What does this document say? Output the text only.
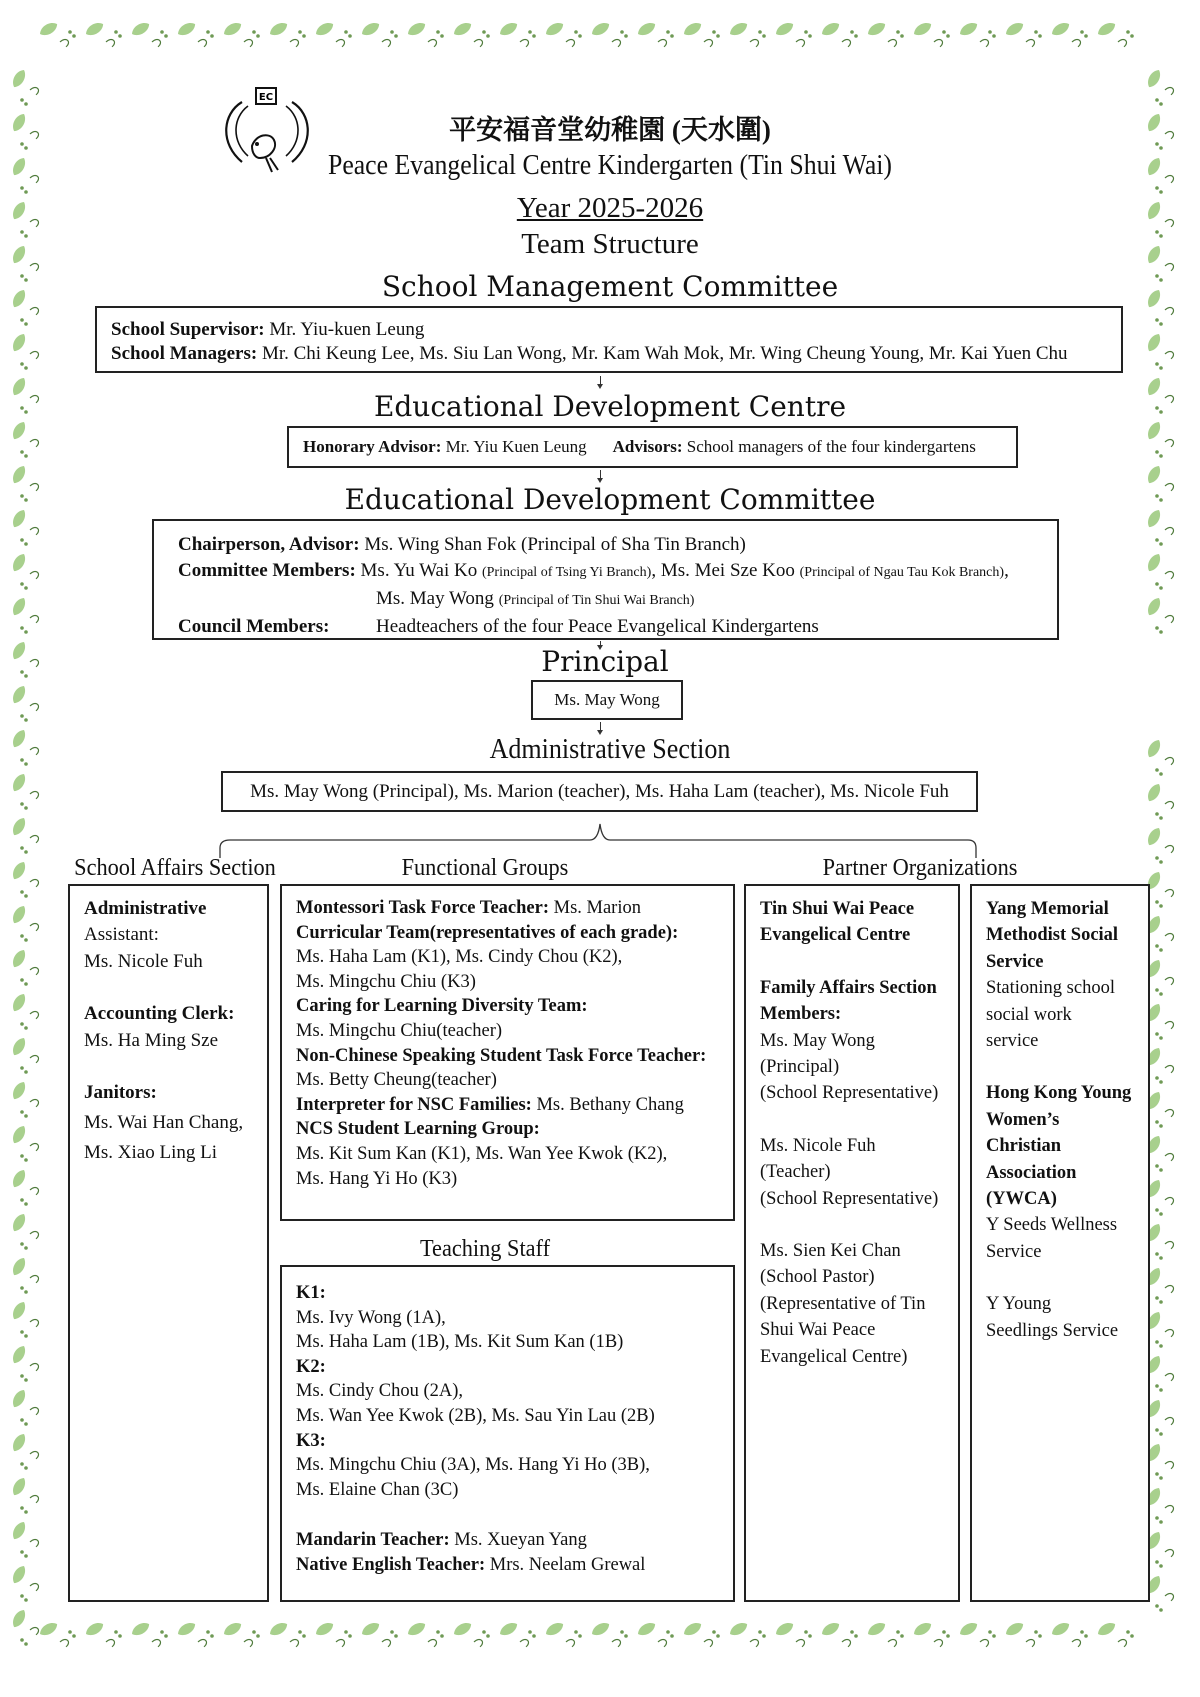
EC
平安福音堂幼稚園 (天水圍)
Peace Evangelical Centre Kindergarten (Tin Shui Wai)
Year 2025-2026
Team Structure
School Management Committee
School Supervisor: Mr. Yiu-kuen Leung
School Managers: Mr. Chi Keung Lee, Ms. Siu Lan Wong, Mr. Kam Wah Mok, Mr. Wing Cheung Young, Mr. Kai Yuen Chu
Educational Development Centre
Honorary Advisor: Mr. Yiu Kuen Leung Advisors: School managers of the four kindergartens
Educational Development Committee
Chairperson, Advisor: Ms. Wing Shan Fok (Principal of Sha Tin Branch)
Committee Members: Ms. Yu Wai Ko (Principal of Tsing Yi Branch), Ms. Mei Sze Koo (Principal of Ngau Tau Kok Branch),
Ms. May Wong (Principal of Tin Shui Wai Branch)
Council Members:	Headteachers of the four Peace Evangelical Kindergartens
Principal
Ms. May Wong
Administrative Section
Ms. May Wong (Principal), Ms. Marion (teacher), Ms. Haha Lam (teacher), Ms. Nicole Fuh
School Affairs Section	Functional Groups	Partner Organizations
Teaching Staff

Administrative

Assistant:

Ms. Nicole Fuh

Accounting Clerk:

Ms. Ha Ming Sze

Janitors:

Ms. Wai Han Chang,

Ms. Xiao Ling Li

Montessori Task Force Teacher: Ms. Marion

Curricular Team(representatives of each grade):

Ms. Haha Lam (K1), Ms. Cindy Chou (K2),

Ms. Mingchu Chiu (K3)

Caring for Learning Diversity Team:

Ms. Mingchu Chiu(teacher)

Non-Chinese Speaking Student Task Force Teacher:

Ms. Betty Cheung(teacher)

Interpreter for NSC Families: Ms. Bethany Chang

NCS Student Learning Group:

Ms. Kit Sum Kan (K1), Ms. Wan Yee Kwok (K2),

Ms. Hang Yi Ho (K3)

K1:

Ms. Ivy Wong (1A),

Ms. Haha Lam (1B), Ms. Kit Sum Kan (1B)

K2:

Ms. Cindy Chou (2A),

Ms. Wan Yee Kwok (2B), Ms. Sau Yin Lau (2B)

K3:

Ms. Mingchu Chiu (3A), Ms. Hang Yi Ho (3B),

Ms. Elaine Chan (3C)

Mandarin Teacher: Ms. Xueyan Yang

Native English Teacher: Mrs. Neelam Grewal

Tin Shui Wai Peace

Evangelical Centre

Family Affairs Section

Members:

Ms. May Wong

(Principal)

(School Representative)

Ms. Nicole Fuh

(Teacher)

(School Representative)

Ms. Sien Kei Chan

(School Pastor)

(Representative of Tin

Shui Wai Peace

Evangelical Centre)

Yang Memorial

Methodist Social

Service

Stationing school

social work

service

Hong Kong Young

Women’s

Christian

Association

(YWCA)

Y Seeds Wellness

Service

Y Young

Seedlings Service
